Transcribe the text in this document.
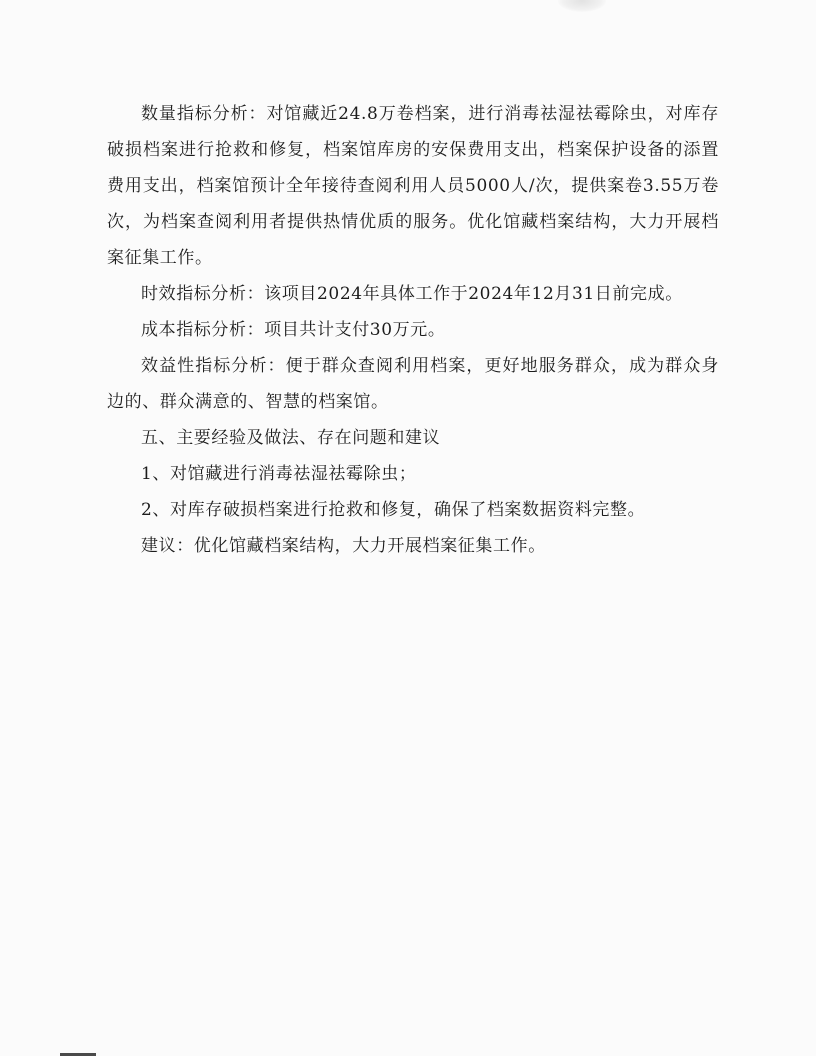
数量指标分析：对馆藏近24.8万卷档案，进行消毒祛湿祛霉除虫，对库存破损档案进行抢救和修复，档案馆库房的安保费用支出，档案保护设备的添置费用支出，档案馆预计全年接待查阅利用人员5000人/次，提供案卷3.55万卷次，为档案查阅利用者提供热情优质的服务。优化馆藏档案结构，大力开展档案征集工作。

时效指标分析：该项目2024年具体工作于2024年12月31日前完成。

成本指标分析：项目共计支付30万元。

效益性指标分析：便于群众查阅利用档案，更好地服务群众，成为群众身边的、群众满意的、智慧的档案馆。

五、主要经验及做法、存在问题和建议

1、对馆藏进行消毒祛湿祛霉除虫；

2、对库存破损档案进行抢救和修复，确保了档案数据资料完整。

建议：优化馆藏档案结构，大力开展档案征集工作。
